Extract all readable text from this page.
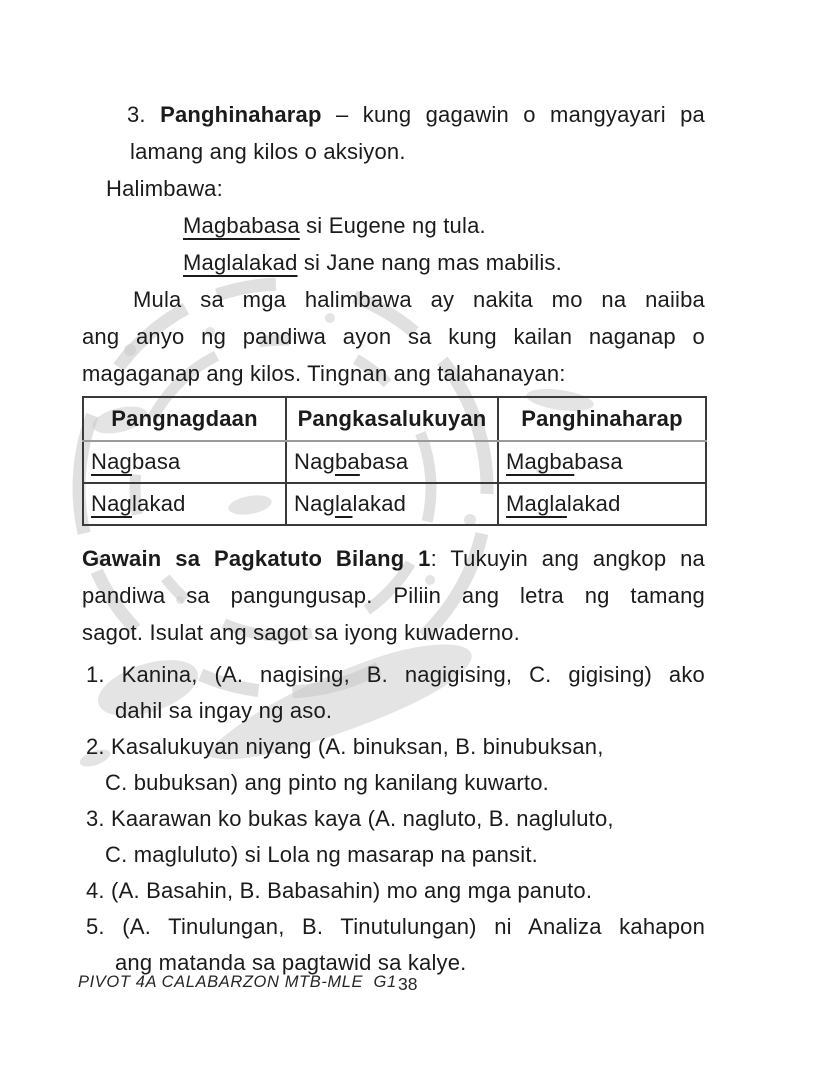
3. Panghinaharap – kung gagawin o mangyayari pa
lamang ang kilos o aksiyon.
Halimbawa:
Magbabasa si Eugene ng tula.
Maglalakad si Jane nang mas mabilis.
Mula sa mga halimbawa ay nakita mo na naiiba
ang anyo ng pandiwa ayon sa kung kailan naganap o
magaganap ang kilos. Tingnan ang talahanayan:
Pangnagdaan	Pangkasalukuyan	Panghinaharap
Nagbasa	Nagbabasa	Magbabasa
Naglakad	Naglalakad	Maglalakad
Gawain sa Pagkatuto Bilang 1: Tukuyin ang angkop na
pandiwa sa pangungusap. Piliin ang letra ng tamang
sagot. Isulat ang sagot sa iyong kuwaderno.
1. Kanina, (A. nagising, B. nagigising, C. gigising) ako
dahil sa ingay ng aso.
2. Kasalukuyan niyang (A. binuksan, B. binubuksan,
C. bubuksan) ang pinto ng kanilang kuwarto.
3. Kaarawan ko bukas kaya (A. nagluto, B. nagluluto,
C. magluluto) si Lola ng masarap na pansit.
4. (A. Basahin, B. Babasahin) mo ang mga panuto.
5. (A. Tinulungan, B. Tinutulungan) ni Analiza kahapon
ang matanda sa pagtawid sa kalye.
PIVOT 4A CALABARZON MTB-MLE  G1 38
